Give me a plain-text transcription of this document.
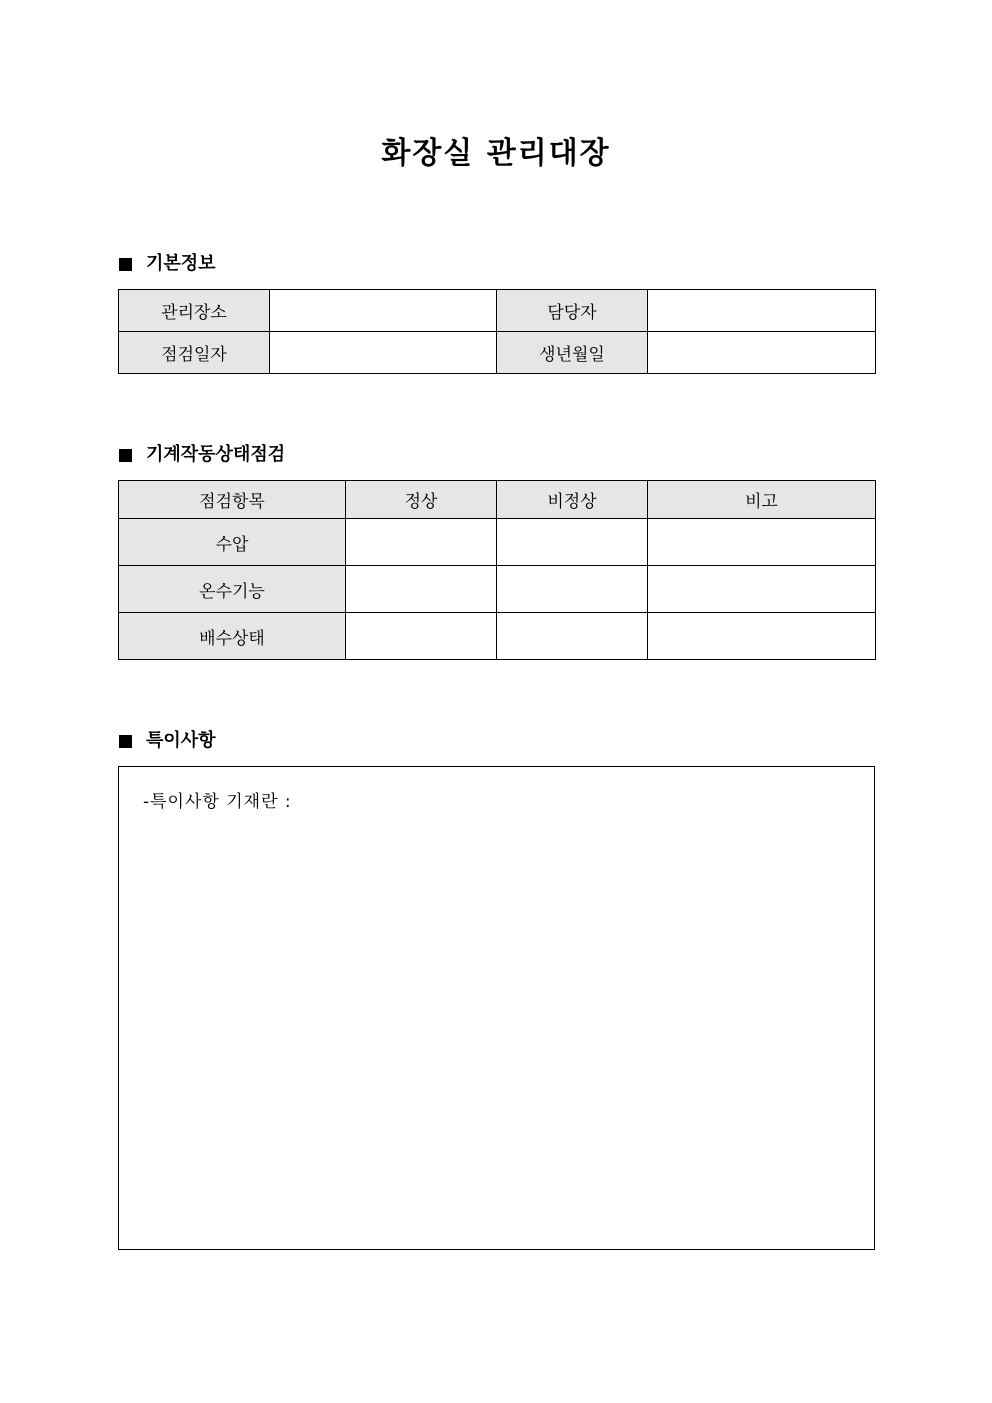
화장실 관리대장
기본정보
관리장소		담당자	
점검일자		생년월일	
기계작동상태점검
점검항목	정상	비정상	비고
수압			
온수기능			
배수상태			
특이사항
-특이사항 기재란 :
